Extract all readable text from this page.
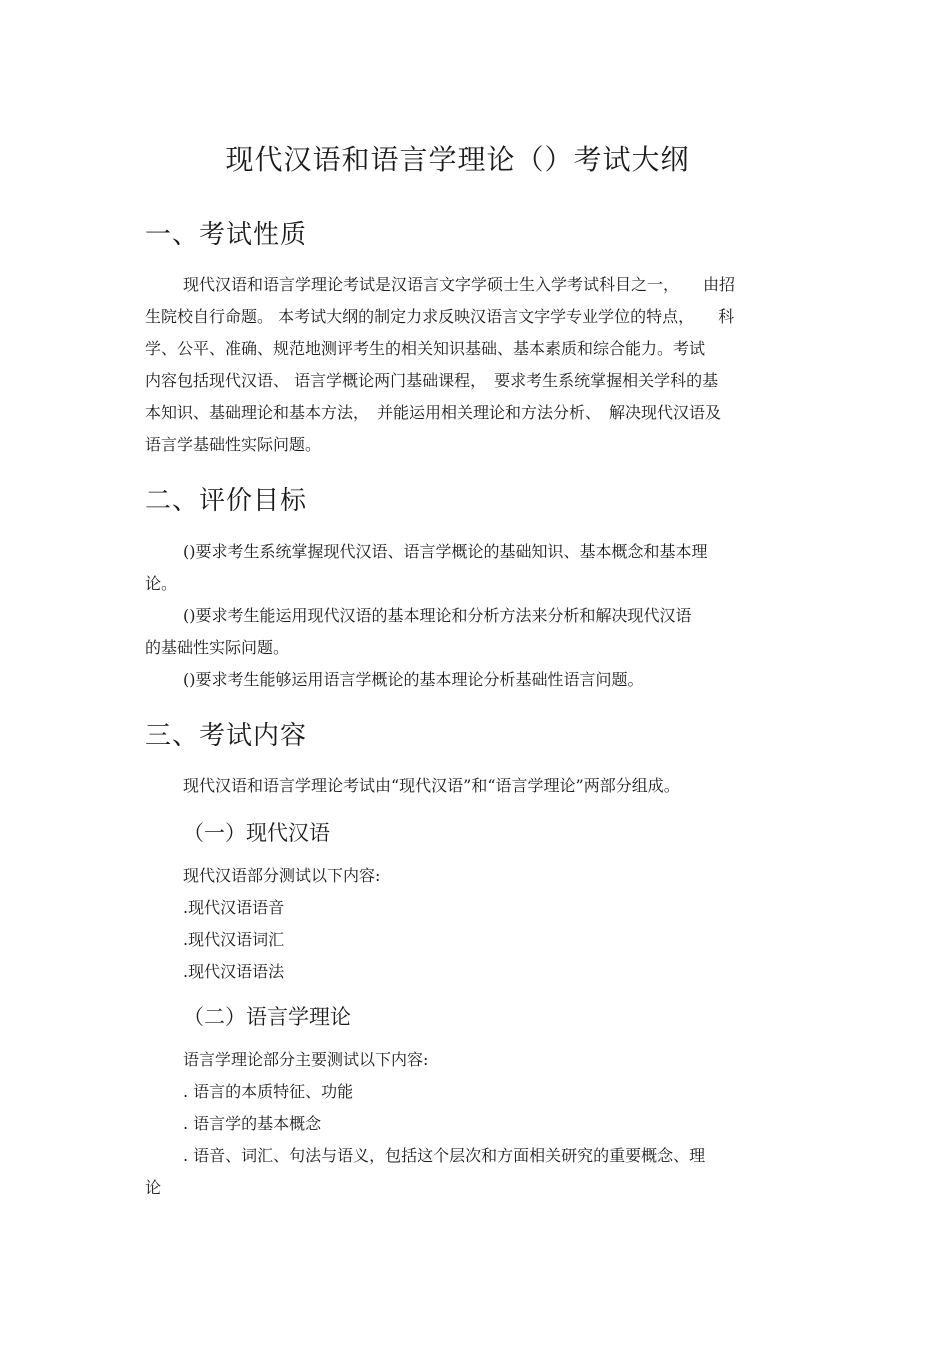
现代汉语和语言学理论（）考试大纲
一、考试性质

现代汉语和语言学理论考试是汉语言文字学硕士生入学考试科目之一，　　由招

生院校自行命题。 本考试大纲的制定力求反映汉语言文字学专业学位的特点，　　科

学、公平、准确、规范地测评考生的相关知识基础、基本素质和综合能力。考试

内容包括现代汉语、 语言学概论两门基础课程，　要求考生系统掌握相关学科的基

本知识、基础理论和基本方法，　并能运用相关理论和方法分析、　解决现代汉语及

语言学基础性实际问题。

二、评价目标

()要求考生系统掌握现代汉语、语言学概论的基础知识、基本概念和基本理

论。

()要求考生能运用现代汉语的基本理论和分析方法来分析和解决现代汉语

的基础性实际问题。

()要求考生能够运用语言学概论的基本理论分析基础性语言问题。

三、考试内容

现代汉语和语言学理论考试由“现代汉语”和“语言学理论”两部分组成。

（一）现代汉语

现代汉语部分测试以下内容:

.现代汉语语音

.现代汉语词汇

.现代汉语语法

（二）语言学理论

语言学理论部分主要测试以下内容:

. 语言的本质特征、功能

. 语言学的基本概念

. 语音、词汇、句法与语义，包括这个层次和方面相关研究的重要概念、理

论
